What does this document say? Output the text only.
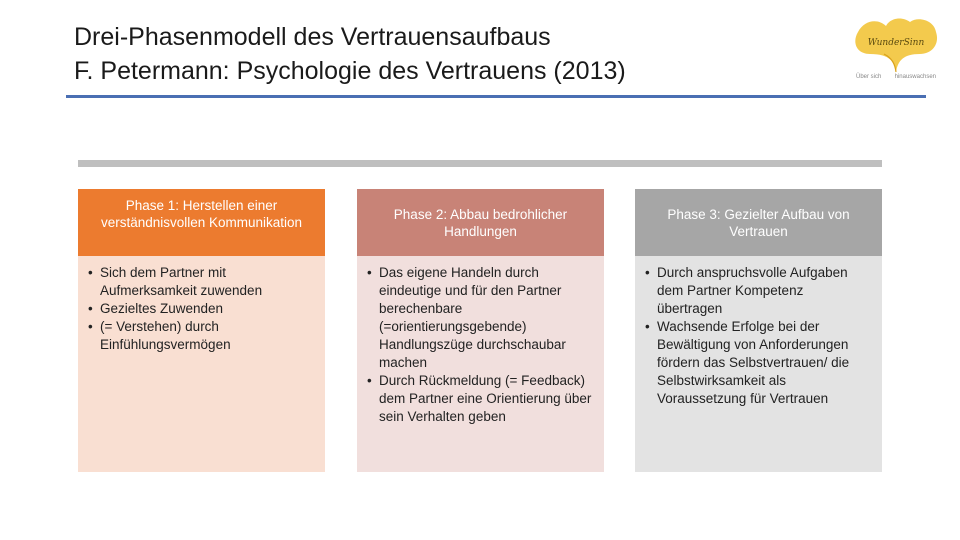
Drei-Phasenmodell des Vertrauensaufbaus
F. Petermann: Psychologie des Vertrauens (2013)
WunderSinn
Über sich hinauswachsen
Phase 1: Herstellen einer verständnisvollen Kommunikation
• Sich dem Partner mit Aufmerksamkeit zuwenden
• Gezieltes Zuwenden
• (= Verstehen) durch Einfühlungsvermögen
Phase 2: Abbau bedrohlicher Handlungen
• Das eigene Handeln durch eindeutige und für den Partner berechenbare (=orientierungsgebende) Handlungszüge durchschaubar machen
• Durch Rückmeldung (= Feedback) dem Partner eine Orientierung über sein Verhalten geben
Phase 3: Gezielter Aufbau von Vertrauen
• Durch anspruchsvolle Aufgaben dem Partner Kompetenz übertragen
• Wachsende Erfolge bei der Bewältigung von Anforderungen fördern das Selbstvertrauen/ die Selbstwirksamkeit als Voraussetzung für Vertrauen
